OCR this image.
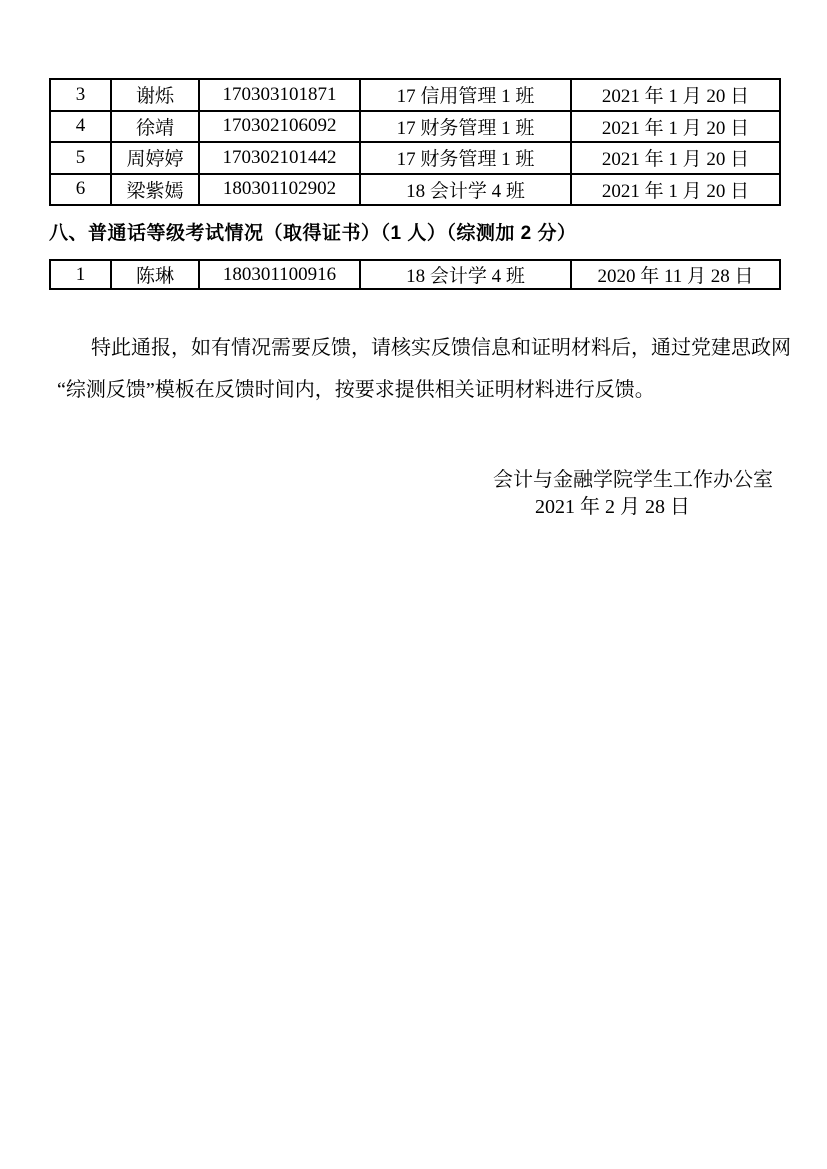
3	谢烁	170303101871	17 信用管理 1 班	2021 年 1 月 20 日
4	徐靖	170302106092	17 财务管理 1 班	2021 年 1 月 20 日
5	周婷婷	170302101442	17 财务管理 1 班	2021 年 1 月 20 日
6	梁紫嫣	180301102902	18 会计学 4 班	2021 年 1 月 20 日
八、普通话等级考试情况（取得证书）（1 人）（综测加 2 分）
1	陈琳	180301100916	18 会计学 4 班	2020 年 11 月 28 日
特此通报，如有情况需要反馈，请核实反馈信息和证明材料后，通过党建思政网
“综测反馈”模板在反馈时间内，按要求提供相关证明材料进行反馈。
会计与金融学院学生工作办公室
2021 年 2 月 28 日
